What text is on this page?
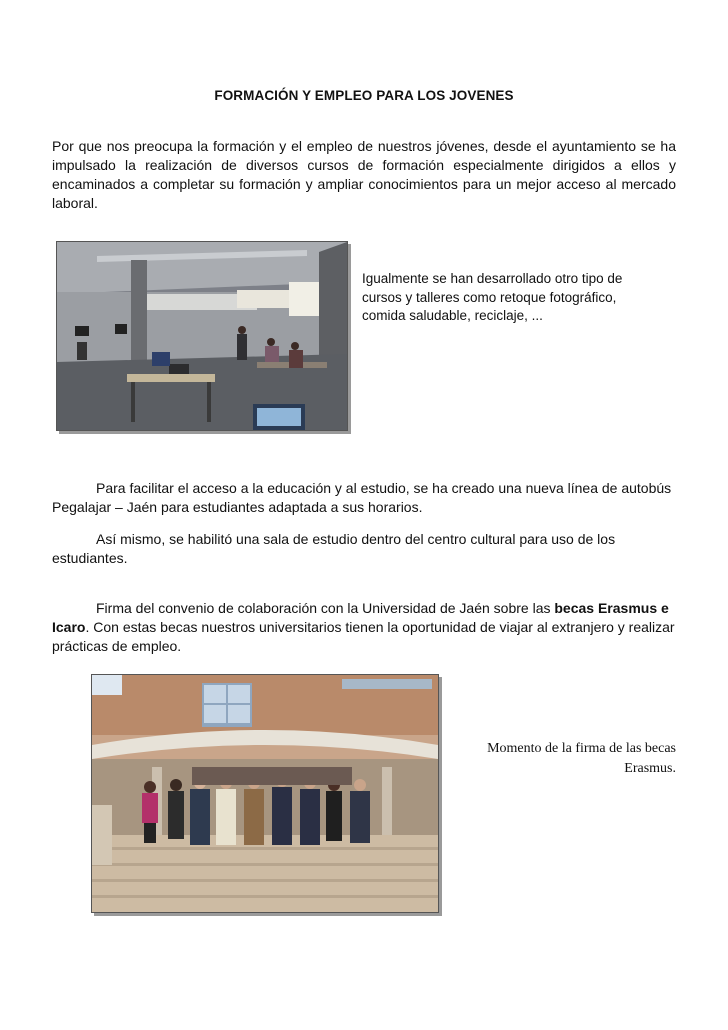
FORMACIÓN Y EMPLEO PARA LOS JOVENES
Por que nos preocupa la formación y el empleo de nuestros jóvenes, desde el ayuntamiento se ha impulsado la realización de diversos cursos de formación especialmente dirigidos a ellos y encaminados a completar su formación y ampliar conocimientos para un mejor acceso al mercado laboral.
Igualmente se han desarrollado otro tipo de cursos y talleres como retoque fotográfico, comida saludable, reciclaje, ...
Para facilitar el acceso a la educación y al estudio, se ha creado una nueva línea de autobús Pegalajar – Jaén para estudiantes adaptada a sus horarios.
Así mismo, se habilitó una sala de estudio dentro del centro cultural para uso de los estudiantes.
Firma del convenio de colaboración con la Universidad de Jaén sobre las becas Erasmus e Icaro. Con estas becas nuestros universitarios tienen la oportunidad de viajar al extranjero y realizar prácticas de empleo.
Momento de la firma de las becas Erasmus.
